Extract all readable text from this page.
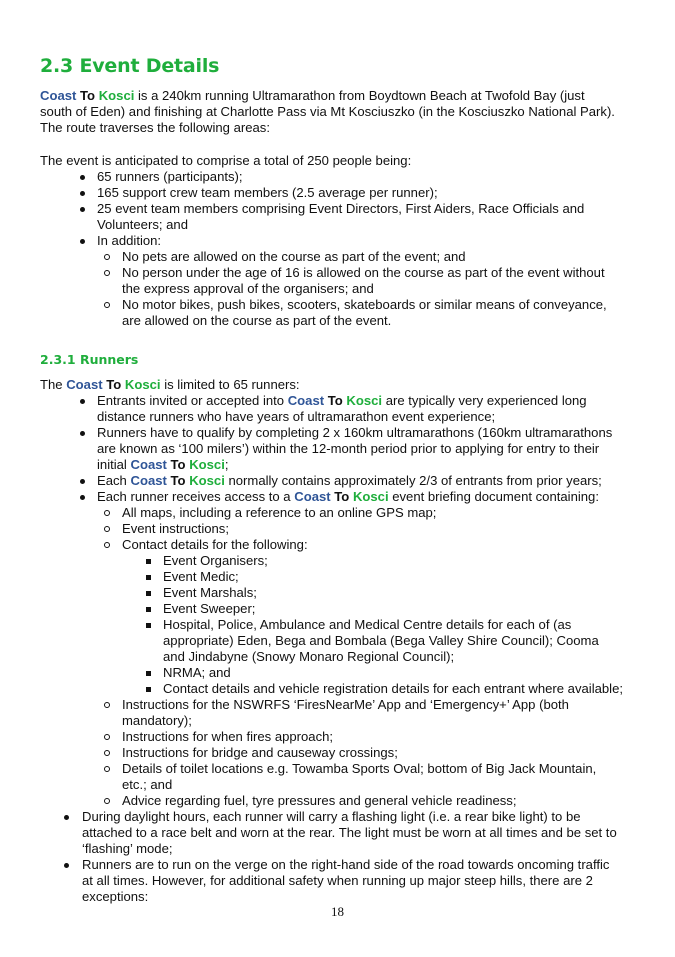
2.3 Event Details
Coast To Kosci is a 240km running Ultramarathon from Boydtown Beach at Twofold Bay (just
south of Eden) and finishing at Charlotte Pass via Mt Kosciuszko (in the Kosciuszko National Park).
The route traverses the following areas:
The event is anticipated to comprise a total of 250 people being:
65 runners (participants);
165 support crew team members (2.5 average per runner);
25 event team members comprising Event Directors, First Aiders, Race Officials and
Volunteers; and
In addition:
No pets are allowed on the course as part of the event; and
No person under the age of 16 is allowed on the course as part of the event without
the express approval of the organisers; and
No motor bikes, push bikes, scooters, skateboards or similar means of conveyance,
are allowed on the course as part of the event.
2.3.1 Runners
The Coast To Kosci is limited to 65 runners:
Entrants invited or accepted into Coast To Kosci are typically very experienced long
distance runners who have years of ultramarathon event experience;
Runners have to qualify by completing 2 x 160km ultramarathons (160km ultramarathons
are known as ‘100 milers’) within the 12-month period prior to applying for entry to their
initial Coast To Kosci;
Each Coast To Kosci normally contains approximately 2/3 of entrants from prior years;
Each runner receives access to a Coast To Kosci event briefing document containing:
All maps, including a reference to an online GPS map;
Event instructions;
Contact details for the following:
Event Organisers;
Event Medic;
Event Marshals;
Event Sweeper;
Hospital, Police, Ambulance and Medical Centre details for each of (as
appropriate) Eden, Bega and Bombala (Bega Valley Shire Council); Cooma
and Jindabyne (Snowy Monaro Regional Council);
NRMA; and
Contact details and vehicle registration details for each entrant where available;
Instructions for the NSWRFS ‘FiresNearMe’ App and ‘Emergency+’ App (both
mandatory);
Instructions for when fires approach;
Instructions for bridge and causeway crossings;
Details of toilet locations e.g. Towamba Sports Oval; bottom of Big Jack Mountain,
etc.; and
Advice regarding fuel, tyre pressures and general vehicle readiness;
During daylight hours, each runner will carry a flashing light (i.e. a rear bike light) to be
attached to a race belt and worn at the rear. The light must be worn at all times and be set to
‘flashing’ mode;
Runners are to run on the verge on the right-hand side of the road towards oncoming traffic
at all times. However, for additional safety when running up major steep hills, there are 2
exceptions:
18
